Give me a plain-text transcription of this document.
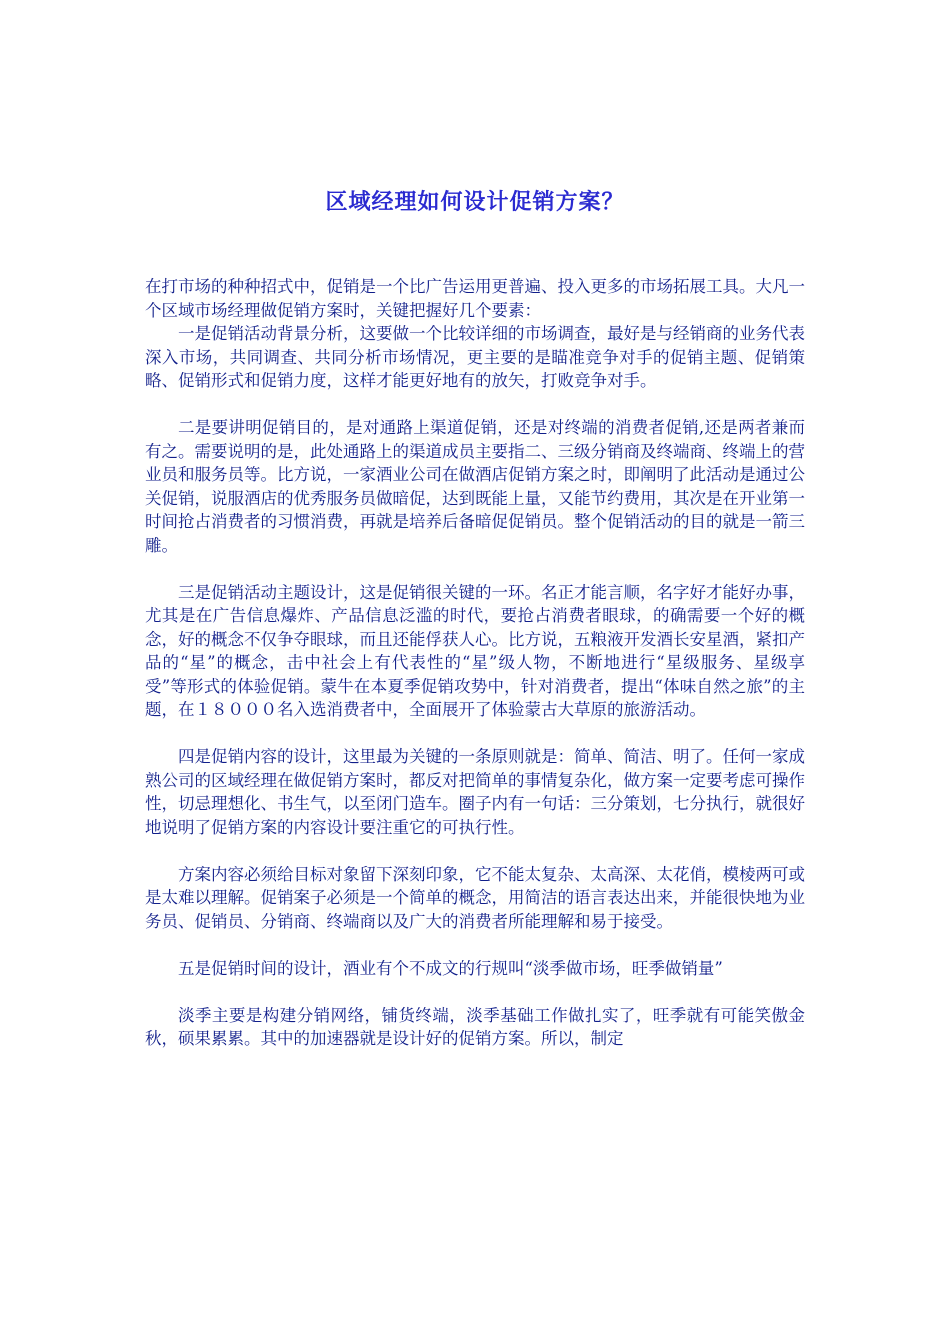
区域经理如何设计促销方案？

在打市场的种种招式中，促销是一个比广告运用更普遍、投入更多的市场拓展工具。大凡一个区域市场经理做促销方案时，关键把握好几个要素：

一是促销活动背景分析，这要做一个比较详细的市场调查，最好是与经销商的业务代表深入市场，共同调查、共同分析市场情况，更主要的是瞄准竞争对手的促销主题、促销策略、促销形式和促销力度，这样才能更好地有的放矢，打败竞争对手。

二是要讲明促销目的，是对通路上渠道促销，还是对终端的消费者促销,还是两者兼而有之。需要说明的是，此处通路上的渠道成员主要指二、三级分销商及终端商、终端上的营业员和服务员等。比方说，一家酒业公司在做酒店促销方案之时，即阐明了此活动是通过公关促销，说服酒店的优秀服务员做暗促，达到既能上量，又能节约费用，其次是在开业第一时间抢占消费者的习惯消费，再就是培养后备暗促促销员。整个促销活动的目的就是一箭三雕。

三是促销活动主题设计，这是促销很关键的一环。名正才能言顺，名字好才能好办事，尤其是在广告信息爆炸、产品信息泛滥的时代，要抢占消费者眼球，的确需要一个好的概念，好的概念不仅争夺眼球，而且还能俘获人心。比方说，五粮液开发酒长安星酒，紧扣产品的“星”的概念，击中社会上有代表性的“星”级人物，不断地进行“星级服务、星级享受”等形式的体验促销。蒙牛在本夏季促销攻势中，针对消费者，提出“体味自然之旅”的主题，在１８０００名入选消费者中，全面展开了体验蒙古大草原的旅游活动。

四是促销内容的设计，这里最为关键的一条原则就是：简单、简洁、明了。任何一家成熟公司的区域经理在做促销方案时，都反对把简单的事情复杂化，做方案一定要考虑可操作性，切忌理想化、书生气，以至闭门造车。圈子内有一句话：三分策划，七分执行，就很好地说明了促销方案的内容设计要注重它的可执行性。

方案内容必须给目标对象留下深刻印象，它不能太复杂、太高深、太花俏，模棱两可或是太难以理解。促销案子必须是一个简单的概念，用简洁的语言表达出来，并能很快地为业务员、促销员、分销商、终端商以及广大的消费者所能理解和易于接受。

五是促销时间的设计，酒业有个不成文的行规叫“淡季做市场，旺季做销量”

淡季主要是构建分销网络，铺货终端，淡季基础工作做扎实了，旺季就有可能笑傲金秋，硕果累累。其中的加速器就是设计好的促销方案。所以，制定
